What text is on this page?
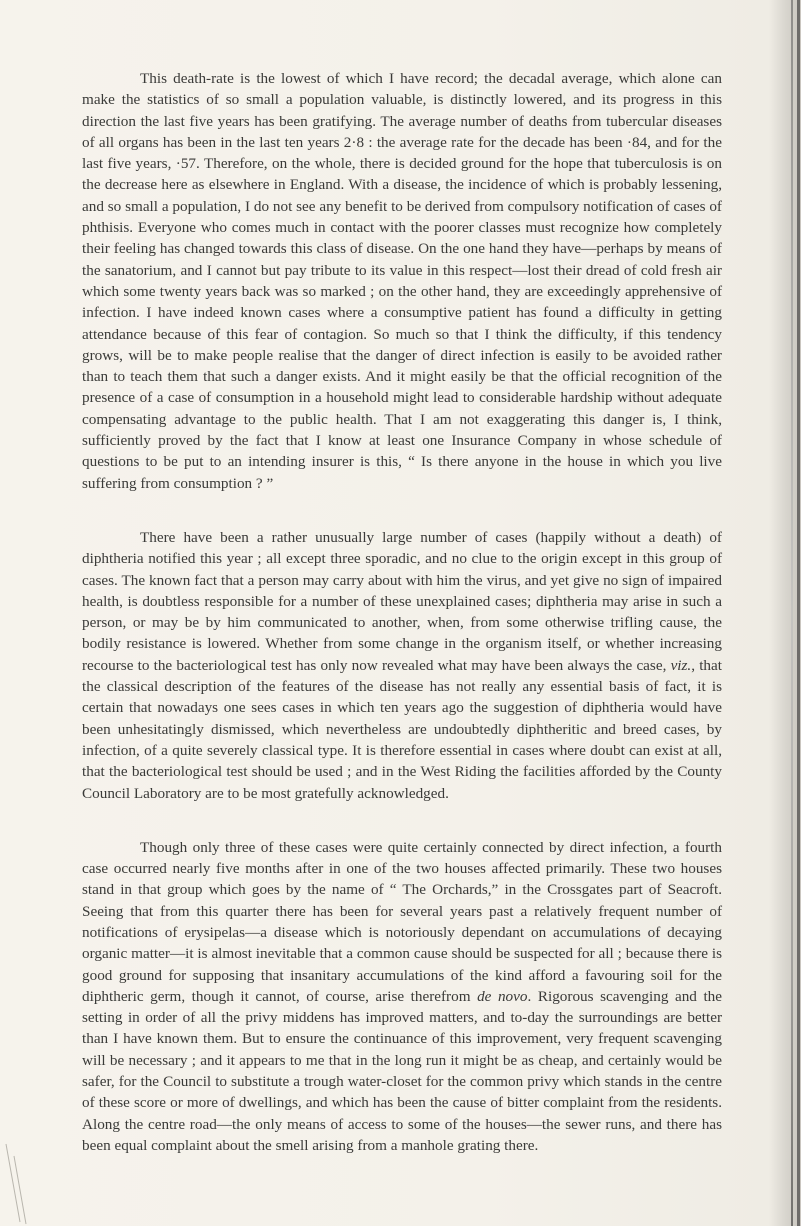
This death-rate is the lowest of which I have record; the decadal average, which alone can make the statistics of so small a population valuable, is distinctly lowered, and its progress in this direction the last five years has been gratifying. The average number of deaths from tubercular diseases of all organs has been in the last ten years 2·8 : the average rate for the decade has been ·84, and for the last five years, ·57. Therefore, on the whole, there is decided ground for the hope that tuberculosis is on the decrease here as elsewhere in England. With a disease, the incidence of which is probably lessening, and so small a population, I do not see any benefit to be derived from compulsory notification of cases of phthisis. Everyone who comes much in contact with the poorer classes must recognize how completely their feeling has changed towards this class of disease. On the one hand they have—perhaps by means of the sanatorium, and I cannot but pay tribute to its value in this respect—lost their dread of cold fresh air which some twenty years back was so marked ; on the other hand, they are exceedingly apprehensive of infection. I have indeed known cases where a consumptive patient has found a difficulty in getting attendance because of this fear of contagion. So much so that I think the difficulty, if this tendency grows, will be to make people realise that the danger of direct infection is easily to be avoided rather than to teach them that such a danger exists. And it might easily be that the official recognition of the presence of a case of consumption in a household might lead to considerable hardship without adequate compensating advantage to the public health. That I am not exaggerating this danger is, I think, sufficiently proved by the fact that I know at least one Insurance Company in whose schedule of questions to be put to an intending insurer is this, “ Is there anyone in the house in which you live suffering from consumption ? ”

There have been a rather unusually large number of cases (happily without a death) of diphtheria notified this year ; all except three sporadic, and no clue to the origin except in this group of cases. The known fact that a person may carry about with him the virus, and yet give no sign of impaired health, is doubtless responsible for a number of these unexplained cases; diphtheria may arise in such a person, or may be by him communicated to another, when, from some otherwise trifling cause, the bodily resistance is lowered. Whether from some change in the organism itself, or whether increasing recourse to the bacteriological test has only now revealed what may have been always the case, viz., that the classical description of the features of the disease has not really any essential basis of fact, it is certain that nowadays one sees cases in which ten years ago the suggestion of diphtheria would have been unhesitatingly dismissed, which nevertheless are undoubtedly diphtheritic and breed cases, by infection, of a quite severely classical type. It is therefore essential in cases where doubt can exist at all, that the bacteriological test should be used ; and in the West Riding the facilities afforded by the County Council Laboratory are to be most gratefully acknowledged.

Though only three of these cases were quite certainly connected by direct infection, a fourth case occurred nearly five months after in one of the two houses affected primarily. These two houses stand in that group which goes by the name of “ The Orchards,” in the Crossgates part of Seacroft. Seeing that from this quarter there has been for several years past a relatively frequent number of notifications of erysipelas—a disease which is notoriously dependant on accumulations of decaying organic matter—it is almost inevitable that a common cause should be suspected for all ; because there is good ground for supposing that insanitary accumulations of the kind afford a favouring soil for the diphtheric germ, though it cannot, of course, arise therefrom de novo. Rigorous scavenging and the setting in order of all the privy middens has improved matters, and to-day the surroundings are better than I have known them. But to ensure the continuance of this improvement, very frequent scavenging will be necessary ; and it appears to me that in the long run it might be as cheap, and certainly would be safer, for the Council to substitute a trough water-closet for the common privy which stands in the centre of these score or more of dwellings, and which has been the cause of bitter complaint from the residents. Along the centre road—the only means of access to some of the houses—the sewer runs, and there has been equal complaint about the smell arising from a manhole grating there.
